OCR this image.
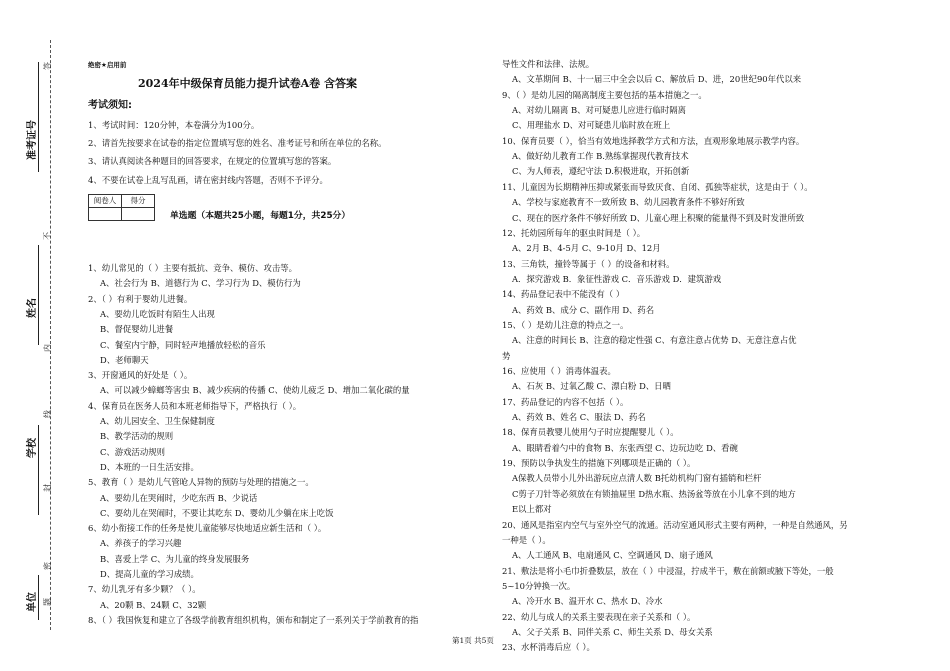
准考证号
姓名
学校
单位
答
不
内
线
封
密
题
绝密★启用前
2024年中级保育员能力提升试卷A卷 含答案
考试须知:
1、考试时间：120分钟，本卷满分为100分。
2、请首先按要求在试卷的指定位置填写您的姓名、准考证号和所在单位的名称。
3、请认真阅读各种题目的回答要求，在规定的位置填写您的答案。
4、不要在试卷上乱写乱画，请在密封线内答题，否则不予评分。
阅卷人	得分

单选题（本题共25小题，每题1分，共25分）
1、幼儿常见的（ ）主要有抵抗、竞争、模仿、攻击等。
A、社会行为 B、道德行为 C、学习行为 D、模仿行为
2、（ ）有利于婴幼儿进餐。
A、要幼儿吃饭时有陌生人出现
B、督促婴幼儿进餐
C、餐室内宁静，同时轻声地播放轻松的音乐
D、老师聊天
3、开窗通风的好处是（ ）。
A、可以减少蟑螂等害虫 B、减少疾病的传播 C、使幼儿疲乏 D、增加二氧化碳的量
4、保育员在医务人员和本班老师指导下，严格执行（ ）。
A、幼儿园安全、卫生保健制度
B、教学活动的规则
C、游戏活动规则
D、本班的一日生活安排。
5、教育（ ）是幼儿气管呛人异物的预防与处理的措施之一。
A、要幼儿在哭闹时，少吃东西 B、少说话
C、要幼儿在哭闹时，不要让其吃东 D、婴幼儿少躺在床上吃饭
6、幼小衔接工作的任务是使儿童能够尽快地适应新生活和（ ）。
A、养孩子的学习兴趣
B、喜爱上学 C、为儿童的终身发展服务
D、提高儿童的学习成绩。
7、幼儿乳牙有多少颗？（ ）。
A、20颗 B、24颗 C、32颗
8、（ ）我国恢复和建立了各级学前教育组织机构，颁布和制定了一系列关于学前教育的指
导性文件和法律、法规。
A、文革期间 B、十一届三中全会以后 C、解放后 D、进，20世纪90年代以来
9、（ ）是幼儿园的隔离制度主要包括的基本措施之一。
A、对幼儿隔离 B、对可疑患儿应进行临时隔离
C、用理盐水 D、对可疑患儿临时放在班上
10、保育员要（ ），恰当有效地选择教学方式和方法，直观形象地展示教学内容。
A、做好幼儿教育工作 B.熟练掌握现代教育技术
C、为人师表，遵纪守法 D.积极进取，开拓创新
11、儿童因为长期精神压抑或紧张而导致厌食、自闭、孤独等症状，这是由于（ ）。
A、学校与家庭教育不一致所致 B、幼儿园教育条件不够好所致
C、现在的医疗条件不够好所致 D、儿童心理上积聚的能量得不到及时发泄所致
12、托幼园所每年的驱虫时间是（ ）。
A、2月 B、4-5月 C、9-10月 D、12月
13、三角铁，撞铃等属于（ ）的设备和材料。
A．探究游戏 B．象征性游戏 C．音乐游戏 D．建筑游戏
14、药品登记表中不能没有（ ）
A、药效 B、成分 C、副作用 D、药名
15、（ ）是幼儿注意的特点之一。
A、注意的时间长 B、注意的稳定性强 C、有意注意占优势 D、无意注意占优
势
16、应使用（ ）消毒体温表。
A、石灰 B、过氧乙酸 C、漂白粉 D、日晒
17、药品登记的内容不包括（ ）。
A、药效 B、姓名 C、服法 D、药名
18、保育员教婴儿使用勺子时应提醒婴儿（ ）。
A、眼睛看着勺中的食物 B、东张西望 C、边玩边吃 D、看碗
19、预防以争执发生的措施下列哪项是正确的（ ）。
A保教人员带小儿外出游玩应点清人数 B托幼机构门窗有插销和栏杆
C剪子刀针等必须放在有锁抽屉里 D热水瓶、热汤盆等放在小儿拿不到的地方
E以上都对
20、通风是指室内空气与室外空气的流通。活动室通风形式主要有两种，一种是自然通风，另
一种是（ ）。
A、人工通风 B、电扇通风 C、空调通风 D、扇子通风
21、敷法是将小毛巾折叠数层，放在（ ）中浸湿，拧成半干，敷在前额或腋下等处，一般
5~10分钟换一次。
A、冷开水 B、温开水 C、热水 D、冷水
22、幼儿与成人的关系主要表现在亲子关系和（ ）。
A、父子关系 B、同伴关系 C、师生关系 D、母女关系
23、水杯消毒后应（ ）。
第1页 共5页
